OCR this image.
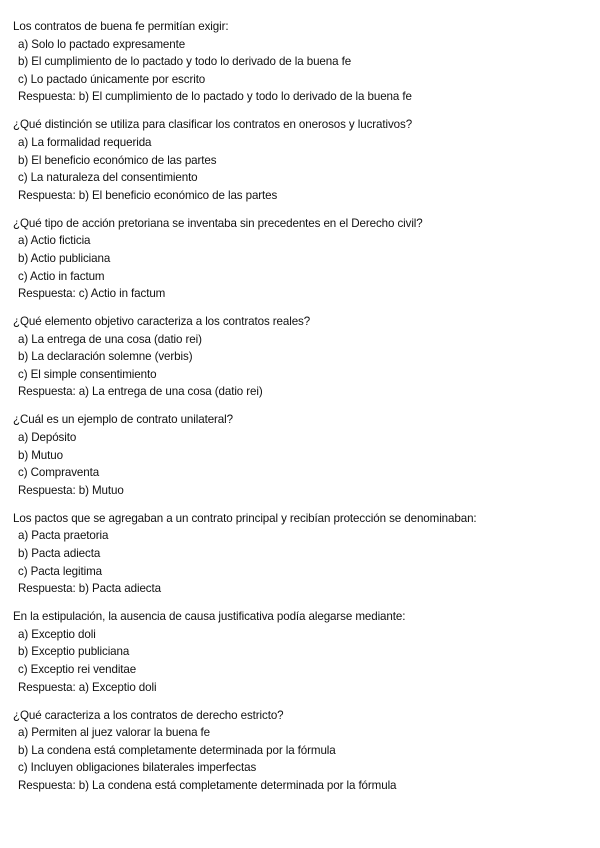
Los contratos de buena fe permitían exigir:
a) Solo lo pactado expresamente
b) El cumplimiento de lo pactado y todo lo derivado de la buena fe
c) Lo pactado únicamente por escrito
Respuesta: b) El cumplimiento de lo pactado y todo lo derivado de la buena fe
¿Qué distinción se utiliza para clasificar los contratos en onerosos y lucrativos?
a) La formalidad requerida
b) El beneficio económico de las partes
c) La naturaleza del consentimiento
Respuesta: b) El beneficio económico de las partes
¿Qué tipo de acción pretoriana se inventaba sin precedentes en el Derecho civil?
a) Actio ficticia
b) Actio publiciana
c) Actio in factum
Respuesta: c) Actio in factum
¿Qué elemento objetivo caracteriza a los contratos reales?
a) La entrega de una cosa (datio rei)
b) La declaración solemne (verbis)
c) El simple consentimiento
Respuesta: a) La entrega de una cosa (datio rei)
¿Cuál es un ejemplo de contrato unilateral?
a) Depósito
b) Mutuo
c) Compraventa
Respuesta: b) Mutuo
Los pactos que se agregaban a un contrato principal y recibían protección se denominaban:
a) Pacta praetoria
b) Pacta adiecta
c) Pacta legitima
Respuesta: b) Pacta adiecta
En la estipulación, la ausencia de causa justificativa podía alegarse mediante:
a) Exceptio doli
b) Exceptio publiciana
c) Exceptio rei venditae
Respuesta: a) Exceptio doli
¿Qué caracteriza a los contratos de derecho estricto?
a) Permiten al juez valorar la buena fe
b) La condena está completamente determinada por la fórmula
c) Incluyen obligaciones bilaterales imperfectas
Respuesta: b) La condena está completamente determinada por la fórmula
